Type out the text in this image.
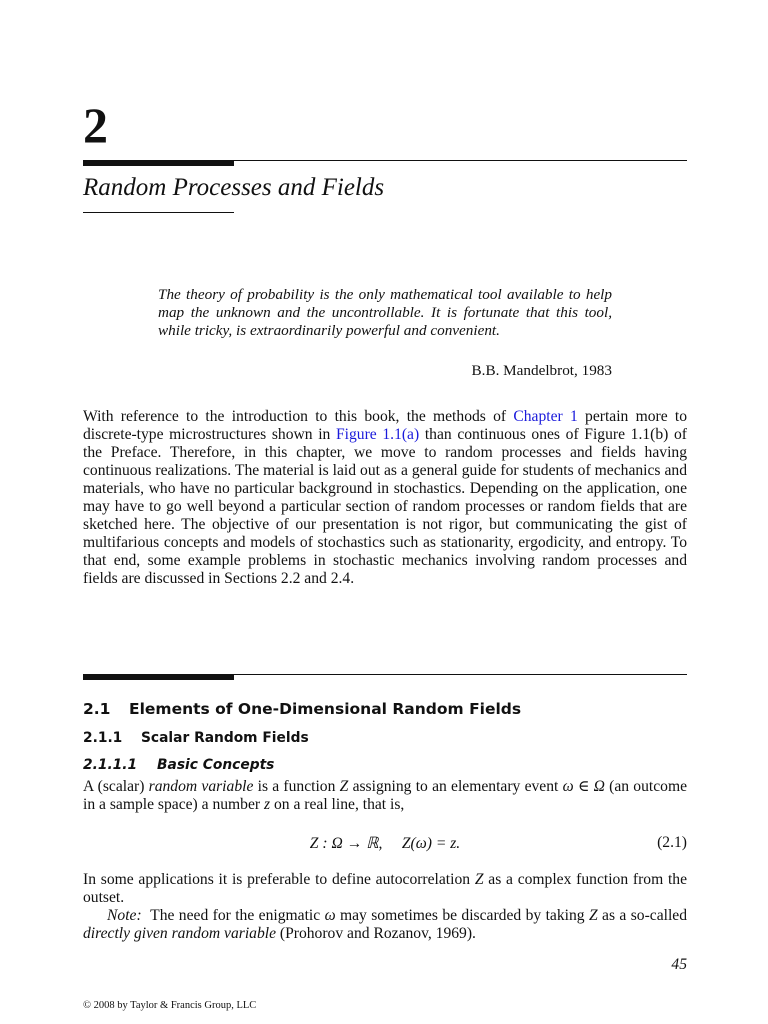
2
Random Processes and Fields
The theory of probability is the only mathematical tool available to help map the unknown and the uncontrollable. It is fortunate that this tool, while tricky, is extraordinarily powerful and convenient.
B.B. Mandelbrot, 1983

With reference to the introduction to this book, the methods of Chapter 1 pertain more to discrete-type microstructures shown in Figure 1.1(a) than continuous ones of Figure 1.1(b) of the Preface. Therefore, in this chapter, we move to random processes and fields having continuous realizations. The material is laid out as a general guide for students of mechanics and materials, who have no particular background in stochastics. Depending on the application, one may have to go well beyond a particular section of random processes or random fields that are sketched here. The objective of our presentation is not rigor, but communicating the gist of multifarious concepts and models of stochastics such as stationarity, ergodicity, and entropy. To that end, some example problems in stochastic mechanics involving random processes and fields are discussed in Sections 2.2 and 2.4.

2.1 Elements of One-Dimensional Random Fields
2.1.1 Scalar Random Fields
2.1.1.1 Basic Concepts

A (scalar) random variable is a function Z assigning to an elementary event ω ∈ Ω (an outcome in a sample space) a number z on a real line, that is,

Z : Ω → ℝ,     Z(ω) = z.	(2.1)

In some applications it is preferable to define autocorrelation Z as a complex function from the outset.

Note:  The need for the enigmatic ω may sometimes be discarded by taking Z as a so-called directly given random variable (Prohorov and Rozanov, 1969).

45
© 2008 by Taylor & Francis Group, LLC
